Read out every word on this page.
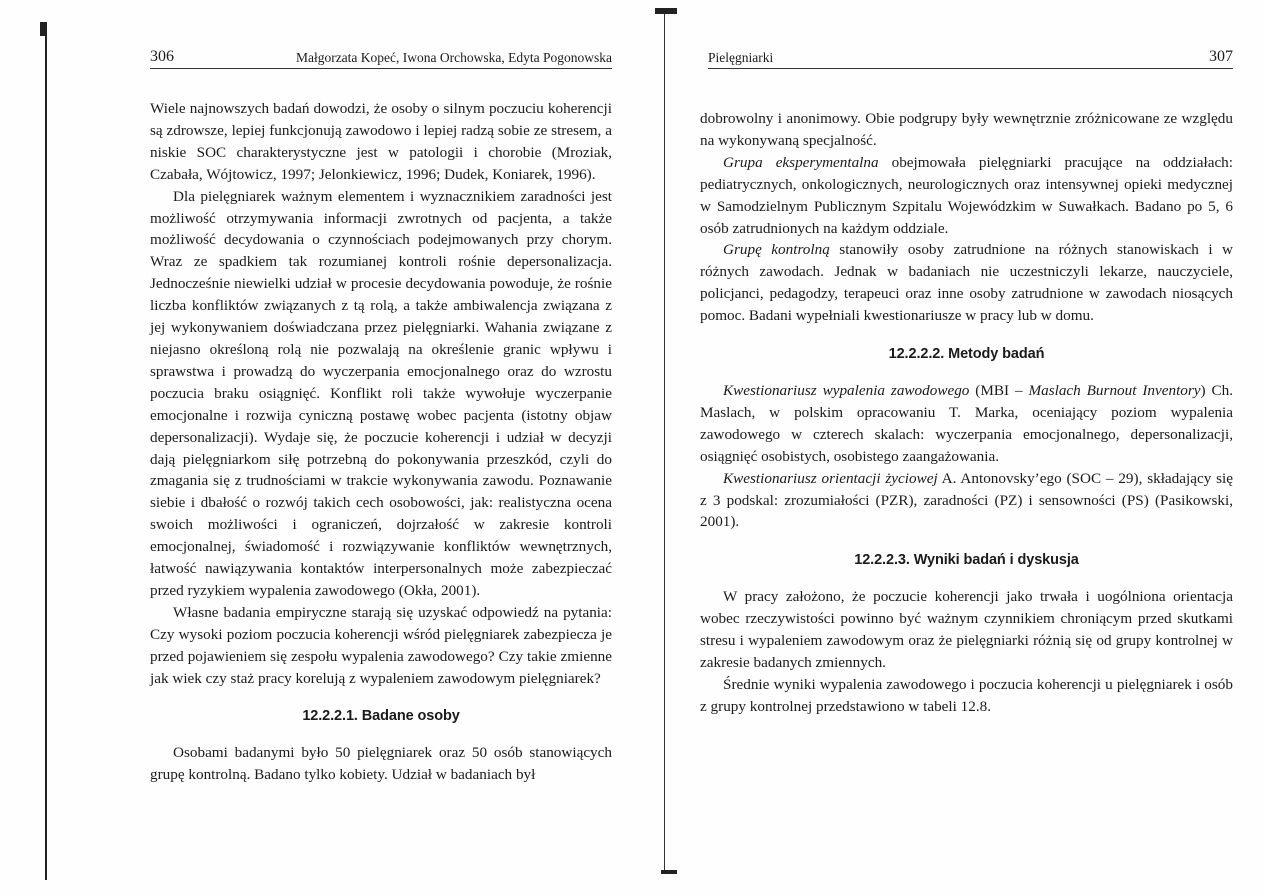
306	Małgorzata Kopeć, Iwona Orchowska, Edyta Pogonowska

Wiele najnowszych badań dowodzi, że osoby o silnym poczuciu koherencji są zdrowsze, lepiej funkcjonują zawodowo i lepiej radzą sobie ze stresem, a niskie SOC charakterystyczne jest w patologii i chorobie (Mroziak, Czabała, Wójtowicz, 1997; Jelonkiewicz, 1996; Dudek, Koniarek, 1996).

Dla pielęgniarek ważnym elementem i wyznacznikiem zaradności jest możliwość otrzymywania informacji zwrotnych od pacjenta, a także możliwość decydowania o czynnościach podejmowanych przy chorym. Wraz ze spadkiem tak rozumianej kontroli rośnie depersonalizacja. Jednocześnie niewielki udział w procesie decydowania powoduje, że rośnie liczba konfliktów związanych z tą rolą, a także ambiwalencja związana z jej wykonywaniem doświadczana przez pielęgniarki. Wahania związane z niejasno określoną rolą nie pozwalają na określenie granic wpływu i sprawstwa i prowadzą do wyczerpania emocjonalnego oraz do wzrostu poczucia braku osiągnięć. Konflikt roli także wywołuje wyczerpanie emocjonalne i rozwija cyniczną postawę wobec pacjenta (istotny objaw depersonalizacji). Wydaje się, że poczucie koherencji i udział w decyzji dają pielęgniarkom siłę potrzebną do pokonywania przeszkód, czyli do zmagania się z trudnościami w trakcie wykonywania zawodu. Poznawanie siebie i dbałość o rozwój takich cech osobowości, jak: realistyczna ocena swoich możliwości i ograniczeń, dojrzałość w zakresie kontroli emocjonalnej, świadomość i rozwiązywanie konfliktów wewnętrznych, łatwość nawiązywania kontaktów interpersonalnych może zabezpieczać przed ryzykiem wypalenia zawodowego (Okła, 2001).

Własne badania empiryczne starają się uzyskać odpowiedź na pytania: Czy wysoki poziom poczucia koherencji wśród pielęgniarek zabezpiecza je przed pojawieniem się zespołu wypalenia zawodowego? Czy takie zmienne jak wiek czy staż pracy korelują z wypaleniem zawodowym pielęgniarek?

12.2.2.1. Badane osoby

Osobami badanymi było 50 pielęgniarek oraz 50 osób stanowiących grupę kontrolną. Badano tylko kobiety. Udział w badaniach był

Pielęgniarki	307

dobrowolny i anonimowy. Obie podgrupy były wewnętrznie zróżnicowane ze względu na wykonywaną specjalność.

Grupa eksperymentalna obejmowała pielęgniarki pracujące na oddziałach: pediatrycznych, onkologicznych, neurologicznych oraz intensywnej opieki medycznej w Samodzielnym Publicznym Szpitalu Wojewódzkim w Suwałkach. Badano po 5, 6 osób zatrudnionych na każdym oddziale.

Grupę kontrolną stanowiły osoby zatrudnione na różnych stanowiskach i w różnych zawodach. Jednak w badaniach nie uczestniczyli lekarze, nauczyciele, policjanci, pedagodzy, terapeuci oraz inne osoby zatrudnione w zawodach niosących pomoc. Badani wypełniali kwestionariusze w pracy lub w domu.

12.2.2.2. Metody badań

Kwestionariusz wypalenia zawodowego (MBI – Maslach Burnout Inventory) Ch. Maslach, w polskim opracowaniu T. Marka, oceniający poziom wypalenia zawodowego w czterech skalach: wyczerpania emocjonalnego, depersonalizacji, osiągnięć osobistych, osobistego zaangażowania.

Kwestionariusz orientacji życiowej A. Antonovsky’ego (SOC – 29), składający się z 3 podskal: zrozumiałości (PZR), zaradności (PZ) i sensowności (PS) (Pasikowski, 2001).

12.2.2.3. Wyniki badań i dyskusja

W pracy założono, że poczucie koherencji jako trwała i uogólniona orientacja wobec rzeczywistości powinno być ważnym czynnikiem chroniącym przed skutkami stresu i wypaleniem zawodowym oraz że pielęgniarki różnią się od grupy kontrolnej w zakresie badanych zmiennych.

Średnie wyniki wypalenia zawodowego i poczucia koherencji u pielęgniarek i osób z grupy kontrolnej przedstawiono w tabeli 12.8.
